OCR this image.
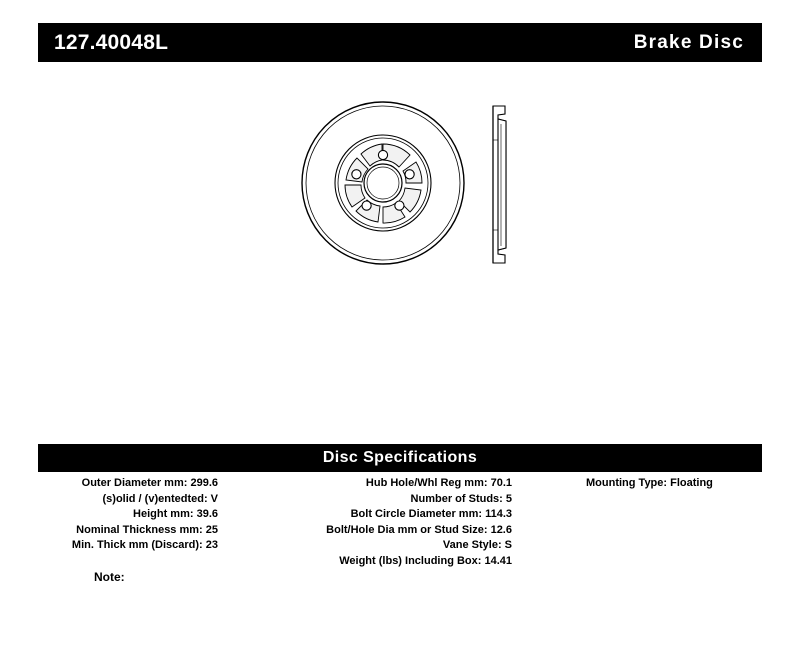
127.40048L	Brake Disc
Disc Specifications
Outer Diameter mm: 299.6
(s)olid / (v)entedted: V
Height mm: 39.6
Nominal Thickness mm: 25
Min. Thick mm (Discard): 23
Hub Hole/Whl Reg mm: 70.1
Number of Studs: 5
Bolt Circle Diameter mm: 114.3
Bolt/Hole Dia mm or Stud Size: 12.6
Vane Style: S
Weight (lbs) Including Box: 14.41
Mounting Type: Floating
Note:
